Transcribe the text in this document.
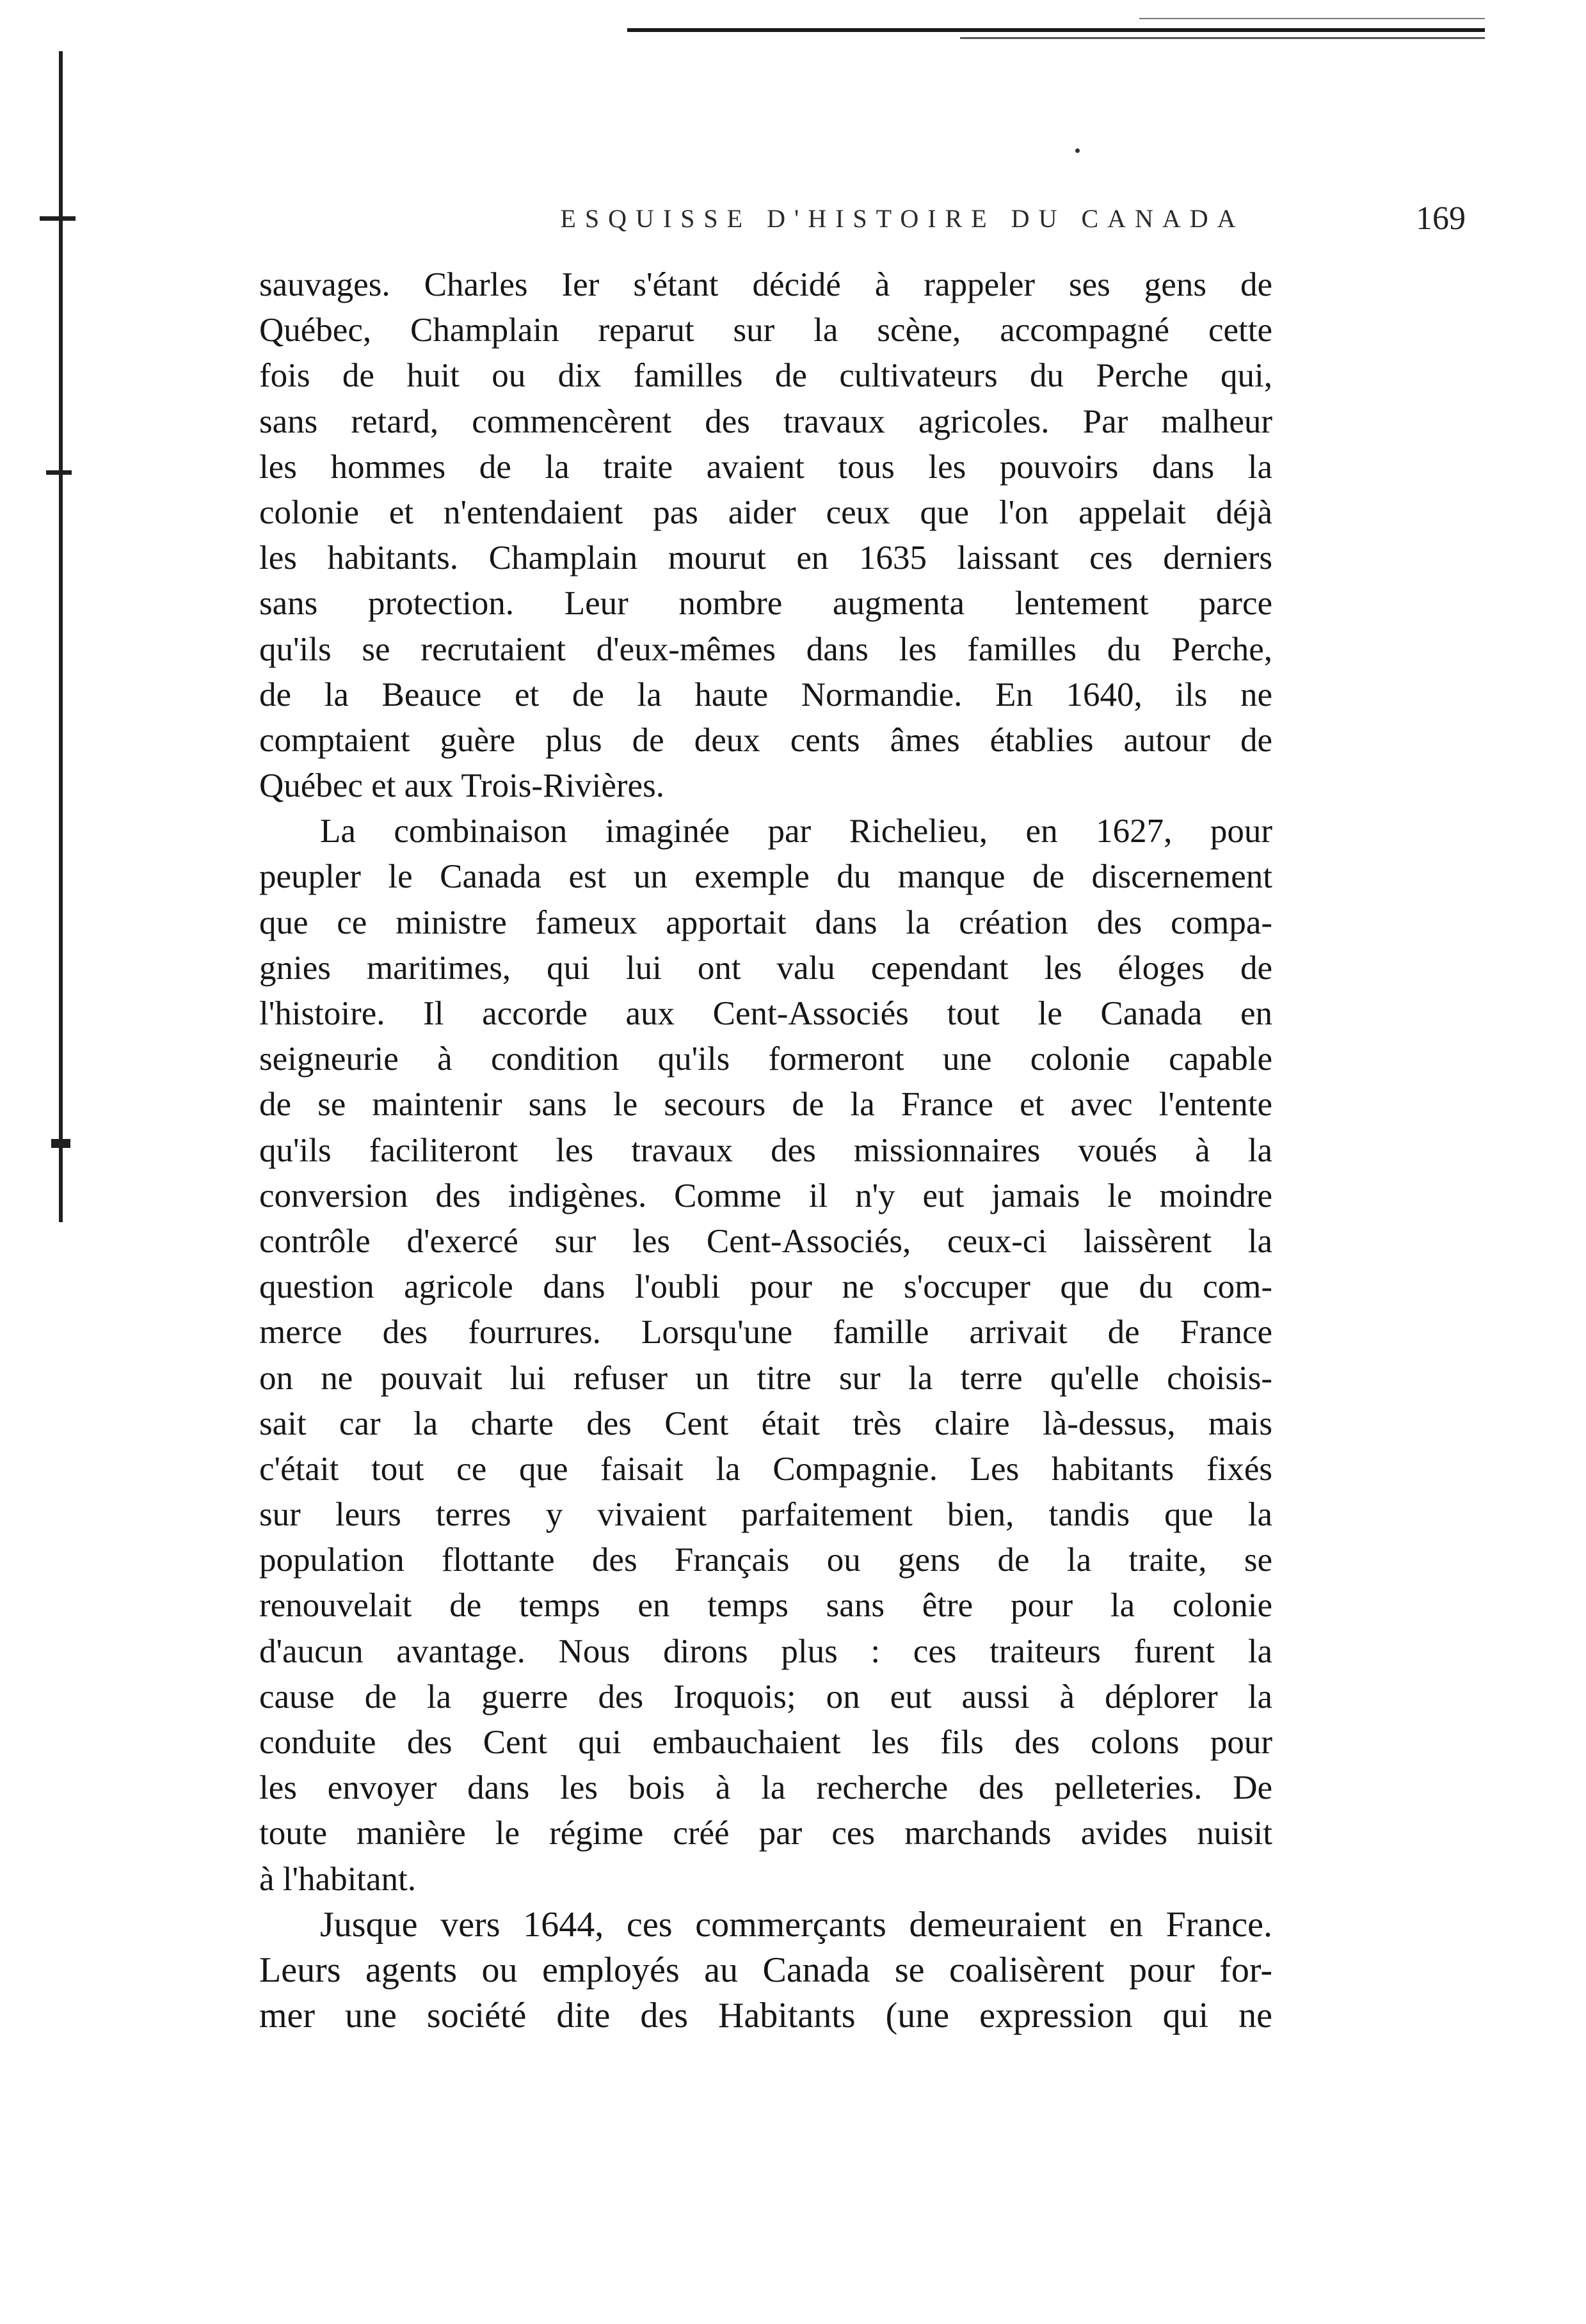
ESQUISSE D'HISTOIRE DU CANADA	169
sauvages. Charles Ier s'étant décidé à rappeler ses gens de
Québec, Champlain reparut sur la scène, accompagné cette
fois de huit ou dix familles de cultivateurs du Perche qui,
sans retard, commencèrent des travaux agricoles. Par malheur
les hommes de la traite avaient tous les pouvoirs dans la
colonie et n'entendaient pas aider ceux que l'on appelait déjà
les habitants. Champlain mourut en 1635 laissant ces derniers
sans protection. Leur nombre augmenta lentement parce
qu'ils se recrutaient d'eux-mêmes dans les familles du Perche,
de la Beauce et de la haute Normandie. En 1640, ils ne
comptaient guère plus de deux cents âmes établies autour de
Québec et aux Trois-Rivières.
La combinaison imaginée par Richelieu, en 1627, pour
peupler le Canada est un exemple du manque de discernement
que ce ministre fameux apportait dans la création des compa-
gnies maritimes, qui lui ont valu cependant les éloges de
l'histoire. Il accorde aux Cent-Associés tout le Canada en
seigneurie à condition qu'ils formeront une colonie capable
de se maintenir sans le secours de la France et avec l'entente
qu'ils faciliteront les travaux des missionnaires voués à la
conversion des indigènes. Comme il n'y eut jamais le moindre
contrôle d'exercé sur les Cent-Associés, ceux-ci laissèrent la
question agricole dans l'oubli pour ne s'occuper que du com-
merce des fourrures. Lorsqu'une famille arrivait de France
on ne pouvait lui refuser un titre sur la terre qu'elle choisis-
sait car la charte des Cent était très claire là-dessus, mais
c'était tout ce que faisait la Compagnie. Les habitants fixés
sur leurs terres y vivaient parfaitement bien, tandis que la
population flottante des Français ou gens de la traite, se
renouvelait de temps en temps sans être pour la colonie
d'aucun avantage. Nous dirons plus : ces traiteurs furent la
cause de la guerre des Iroquois; on eut aussi à déplorer la
conduite des Cent qui embauchaient les fils des colons pour
les envoyer dans les bois à la recherche des pelleteries. De
toute manière le régime créé par ces marchands avides nuisit
à l'habitant.
Jusque vers 1644, ces commerçants demeuraient en France.
Leurs agents ou employés au Canada se coalisèrent pour for-
mer une société dite des Habitants (une expression qui ne
